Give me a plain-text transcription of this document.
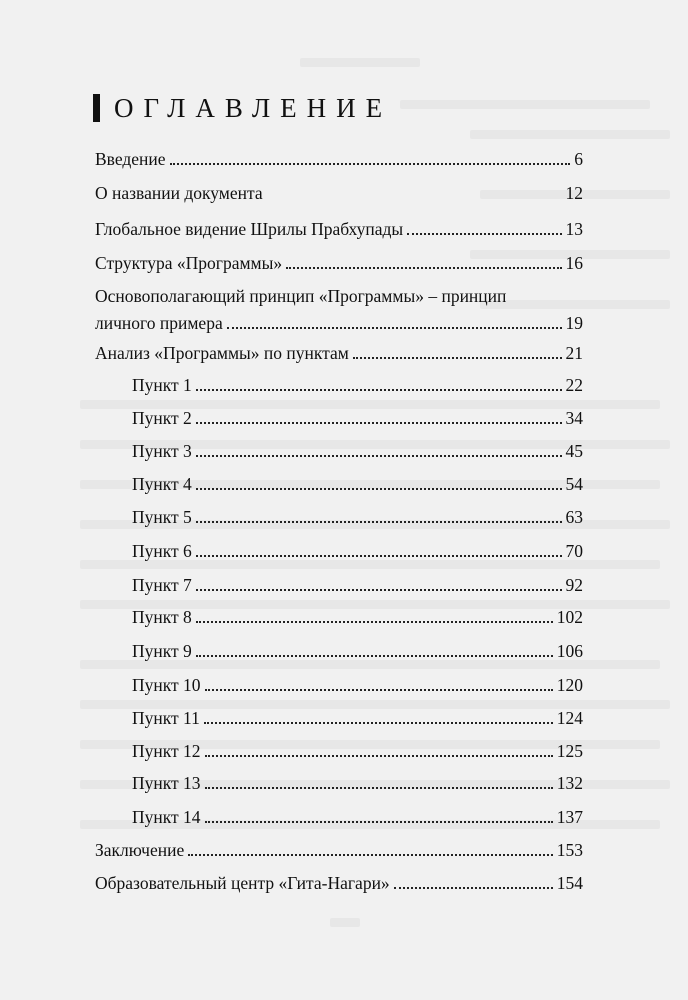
ОГЛАВЛЕНИЕ
Введение	6
О названии документа	12
Глобальное видение Шрилы Прабхупады	13
Структура «Программы»	16
Основополагающий принцип «Программы» – принцип
личного примера	19
Анализ «Программы» по пунктам	21
Пункт 1	22
Пункт 2	34
Пункт 3	45
Пункт 4	54
Пункт 5	63
Пункт 6	70
Пункт 7	92
Пункт 8	102
Пункт 9	106
Пункт 10	120
Пункт 11	124
Пункт 12	125
Пункт 13	132
Пункт 14	137
Заключение	153
Образовательный центр «Гита-Нагари»	154
